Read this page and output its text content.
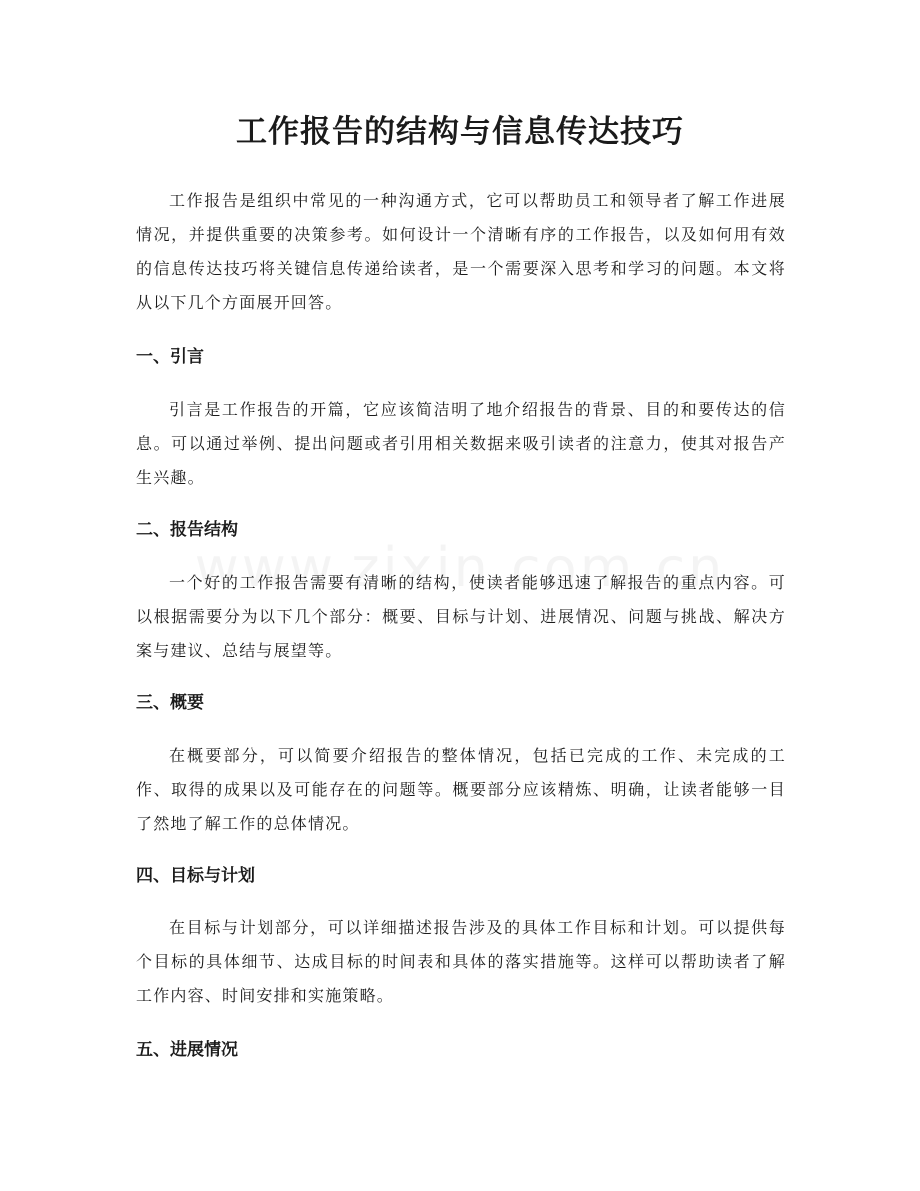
工作报告的结构与信息传达技巧

工作报告是组织中常见的一种沟通方式，它可以帮助员工和领导者了解工作进展情况，并提供重要的决策参考。如何设计一个清晰有序的工作报告，以及如何用有效的信息传达技巧将关键信息传递给读者，是一个需要深入思考和学习的问题。本文将从以下几个方面展开回答。

一、引言

引言是工作报告的开篇，它应该简洁明了地介绍报告的背景、目的和要传达的信息。可以通过举例、提出问题或者引用相关数据来吸引读者的注意力，使其对报告产生兴趣。

二、报告结构

一个好的工作报告需要有清晰的结构，使读者能够迅速了解报告的重点内容。可以根据需要分为以下几个部分：概要、目标与计划、进展情况、问题与挑战、解决方案与建议、总结与展望等。

三、概要

在概要部分，可以简要介绍报告的整体情况，包括已完成的工作、未完成的工作、取得的成果以及可能存在的问题等。概要部分应该精炼、明确，让读者能够一目了然地了解工作的总体情况。

四、目标与计划

在目标与计划部分，可以详细描述报告涉及的具体工作目标和计划。可以提供每个目标的具体细节、达成目标的时间表和具体的落实措施等。这样可以帮助读者了解工作内容、时间安排和实施策略。

五、进展情况
